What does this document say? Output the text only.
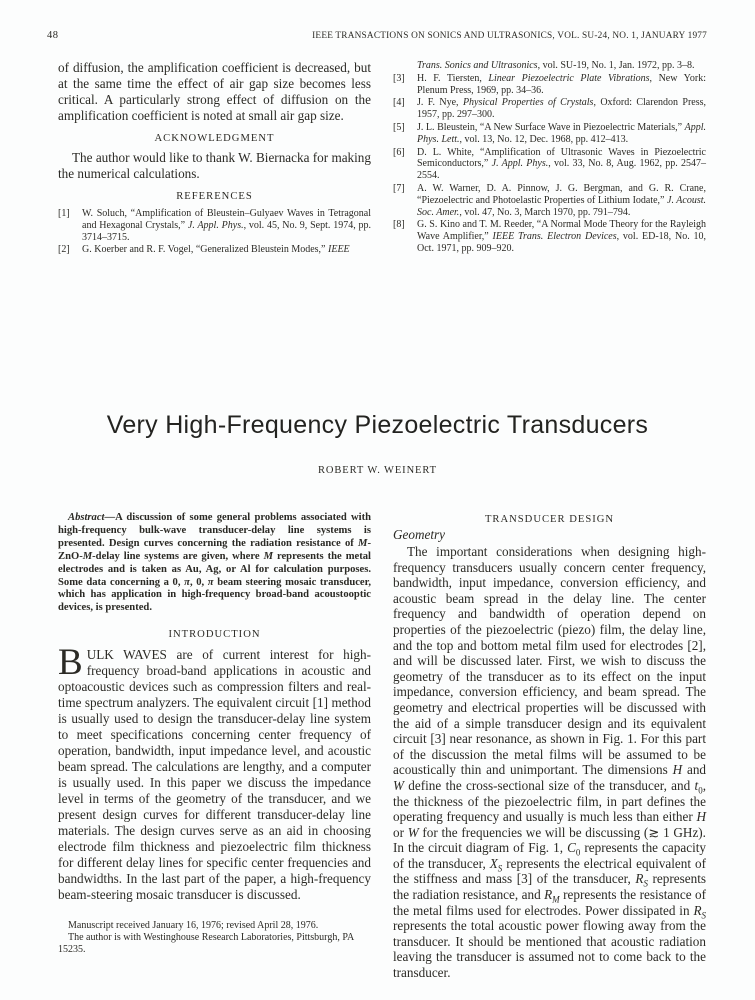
48	IEEE TRANSACTIONS ON SONICS AND ULTRASONICS, VOL. SU-24, NO. 1, JANUARY 1977

of diffusion, the amplification coefficient is decreased, but at the same time the effect of air gap size becomes less critical. A particularly strong effect of diffusion on the amplification coefficient is noted at small air gap size.

ACKNOWLEDGMENT

The author would like to thank W. Biernacka for making the numerical calculations.

REFERENCES
[1] W. Soluch, “Amplification of Bleustein–Gulyaev Waves in Tetragonal and Hexagonal Crystals,” J. Appl. Phys., vol. 45, No. 9, Sept. 1974, pp. 3714–3715.
[2] G. Koerber and R. F. Vogel, “Generalized Bleustein Modes,” IEEE
Trans. Sonics and Ultrasonics, vol. SU-19, No. 1, Jan. 1972, pp. 3–8.
[3] H. F. Tiersten, Linear Piezoelectric Plate Vibrations, New York: Plenum Press, 1969, pp. 34–36.
[4] J. F. Nye, Physical Properties of Crystals, Oxford: Clarendon Press, 1957, pp. 297–300.
[5] J. L. Bleustein, “A New Surface Wave in Piezoelectric Materials,” Appl. Phys. Lett., vol. 13, No. 12, Dec. 1968, pp. 412–413.
[6] D. L. White, “Amplification of Ultrasonic Waves in Piezoelectric Semiconductors,” J. Appl. Phys., vol. 33, No. 8, Aug. 1962, pp. 2547–2554.
[7] A. W. Warner, D. A. Pinnow, J. G. Bergman, and G. R. Crane, “Piezoelectric and Photoelastic Properties of Lithium Iodate,” J. Acoust. Soc. Amer., vol. 47, No. 3, March 1970, pp. 791–794.
[8] G. S. Kino and T. M. Reeder, “A Normal Mode Theory for the Rayleigh Wave Amplifier,” IEEE Trans. Electron Devices, vol. ED-18, No. 10, Oct. 1971, pp. 909–920.
Very High-Frequency Piezoelectric Transducers
ROBERT W. WEINERT

Abstract—A discussion of some general problems associated with high-frequency bulk-wave transducer-delay line systems is presented. Design curves concerning the radiation resistance of M-ZnO-M-delay line systems are given, where M represents the metal electrodes and is taken as Au, Ag, or Al for calculation purposes. Some data concerning a 0, π, 0, π beam steering mosaic transducer, which has application in high-frequency broad-band acoustooptic devices, is presented.

INTRODUCTION

BULK WAVES are of current interest for high-frequency broad-band applications in acoustic and optoacoustic devices such as compression filters and real-time spectrum analyzers. The equivalent circuit [1] method is usually used to design the transducer-delay line system to meet specifications concerning center frequency of operation, bandwidth, input impedance level, and acoustic beam spread. The calculations are lengthy, and a computer is usually used. In this paper we discuss the impedance level in terms of the geometry of the transducer, and we present design curves for different transducer-delay line materials. The design curves serve as an aid in choosing electrode film thickness and piezoelectric film thickness for different delay lines for specific center frequencies and bandwidths. In the last part of the paper, a high-frequency beam-steering mosaic transducer is discussed.

Manuscript received January 16, 1976; revised April 28, 1976.

The author is with Westinghouse Research Laboratories, Pittsburgh, PA 15235.

TRANSDUCER DESIGN
Geometry

The important considerations when designing high-frequency transducers usually concern center frequency, bandwidth, input impedance, conversion efficiency, and acoustic beam spread in the delay line. The center frequency and bandwidth of operation depend on properties of the piezoelectric (piezo) film, the delay line, and the top and bottom metal film used for electrodes [2], and will be discussed later. First, we wish to discuss the geometry of the transducer as to its effect on the input impedance, conversion efficiency, and beam spread. The geometry and electrical properties will be discussed with the aid of a simple transducer design and its equivalent circuit [3] near resonance, as shown in Fig. 1. For this part of the discussion the metal films will be assumed to be acoustically thin and unimportant. The dimensions H and W define the cross-sectional size of the transducer, and $t_0$, the thickness of the piezoelectric film, in part defines the operating frequency and usually is much less than either H or W for the frequencies we will be discussing (≳ 1 GHz). In the circuit diagram of Fig. 1, $C_0$ represents the capacity of the transducer, $X_S$ represents the electrical equivalent of the stiffness and mass [3] of the transducer, $R_S$ represents the radiation resistance, and $R_M$ represents the resistance of the metal films used for electrodes. Power dissipated in $R_S$ represents the total acoustic power flowing away from the transducer. It should be mentioned that acoustic radiation leaving the transducer is assumed not to come back to the transducer.
